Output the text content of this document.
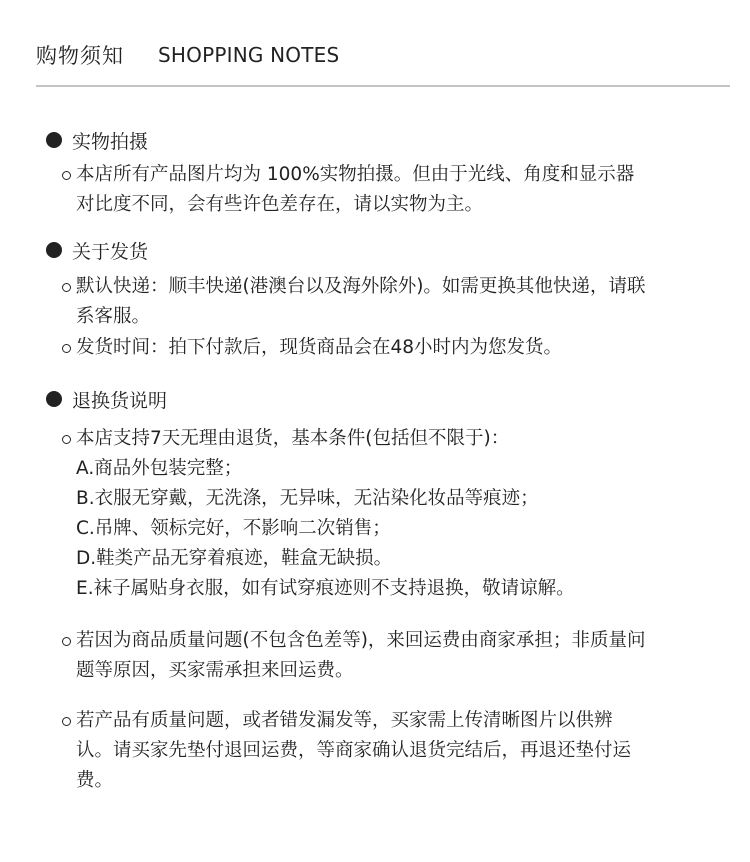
购物须知 SHOPPING NOTES
实物拍摄
本店所有产品图片均为 100%实物拍摄。但由于光线、角度和显示器
对比度不同，会有些许色差存在，请以实物为主。
关于发货
默认快递：顺丰快递(港澳台以及海外除外)。如需更换其他快递，请联
系客服。
发货时间：拍下付款后，现货商品会在48小时内为您发货。
退换货说明
本店支持7天无理由退货，基本条件(包括但不限于)：
A.商品外包装完整；
B.衣服无穿戴，无洗涤，无异味，无沾染化妆品等痕迹；
C.吊牌、领标完好，不影响二次销售；
D.鞋类产品无穿着痕迹，鞋盒无缺损。
E.袜子属贴身衣服，如有试穿痕迹则不支持退换，敬请谅解。
若因为商品质量问题(不包含色差等)，来回运费由商家承担；非质量问
题等原因，买家需承担来回运费。
若产品有质量问题，或者错发漏发等，买家需上传清晰图片以供辨
认。请买家先垫付退回运费，等商家确认退货完结后，再退还垫付运
费。
